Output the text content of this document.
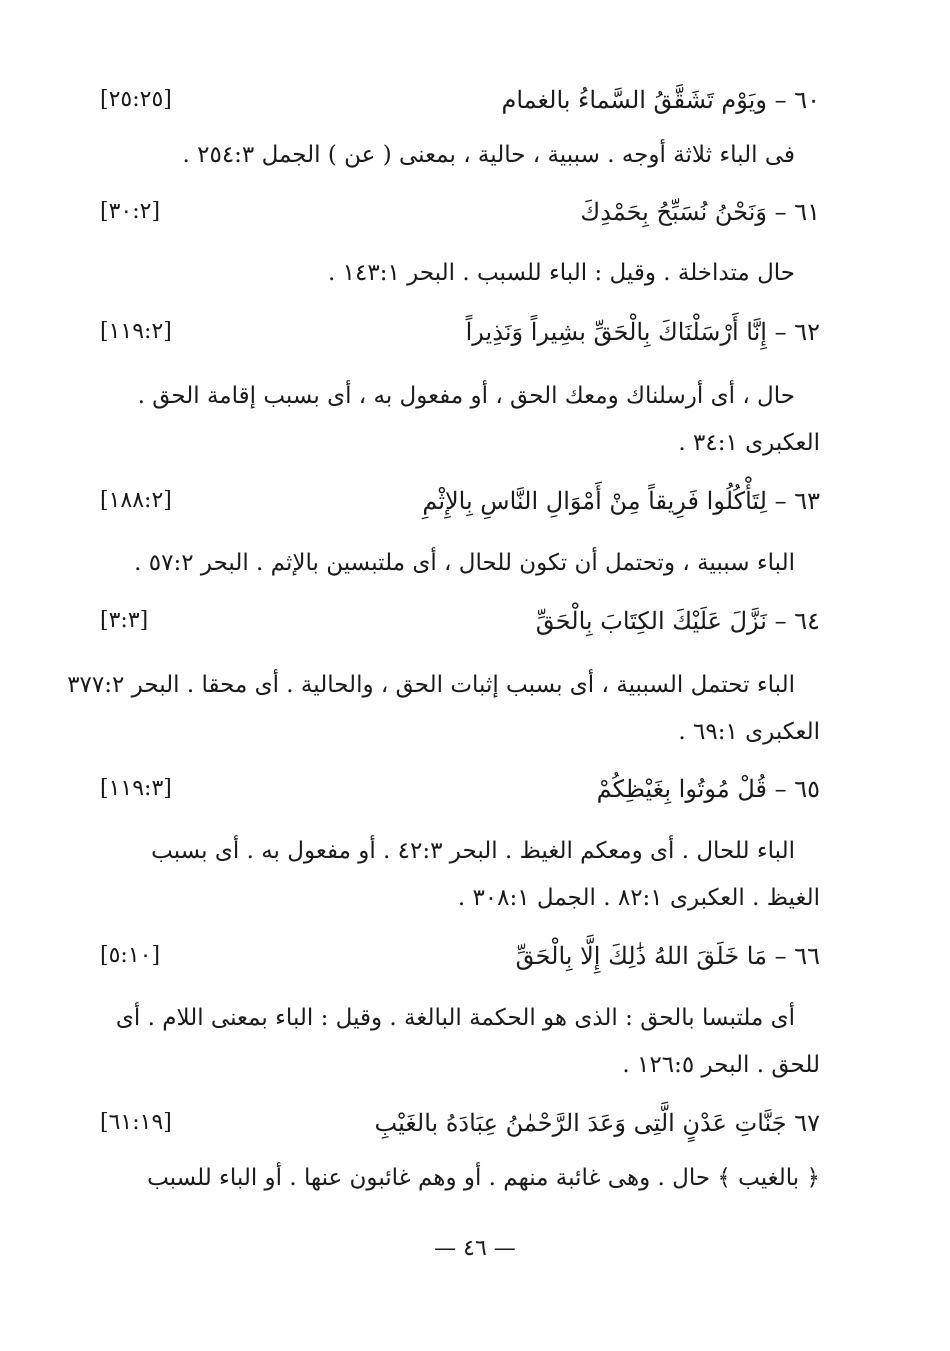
٦٠ – ويَوْم تَشَقَّقُ السَّماءُ بالغمام
[٢٥:٢٥]
فى الباء ثلاثة أوجه . سببية ، حالية ، بمعنى ( عن ) الجمل ٢٥٤:٣ .
٦١ – وَنَحْنُ نُسَبِّحُ بِحَمْدِكَ
[٣٠:٢]
حال متداخلة . وقيل : الباء للسبب . البحر ١٤٣:١ .
٦٢ – إِنَّا أَرْسَلْنَاكَ بِالْحَقِّ بشِيراً وَنَذِيراً
[١١٩:٢]
حال ، أى أرسلناك ومعك الحق ، أو مفعول به ، أى بسبب إقامة الحق .
العكبرى ٣٤:١ .
٦٣ – لِتَأْكُلُوا فَرِيقاً مِنْ أَمْوَالِ النَّاسِ بِالإِثْمِ
[١٨٨:٢]
الباء سببية ، وتحتمل أن تكون للحال ، أى ملتبسين بالإثم . البحر ٥٧:٢ .
٦٤ – نَزَّلَ عَلَيْكَ الكِتَابَ بِالْحَقِّ
[٣:٣]
الباء تحتمل السببية ، أى بسبب إثبات الحق ، والحالية . أى محقا . البحر ٣٧٧:٢
العكبرى ٦٩:١ .
٦٥ – قُلْ مُوتُوا بِغَيْظِكُمْ
[١١٩:٣]
الباء للحال . أى ومعكم الغيظ . البحر ٤٢:٣ . أو مفعول به . أى بسبب
الغيظ . العكبرى ٨٢:١ . الجمل ٣٠٨:١ .
٦٦ – مَا خَلَقَ اللهُ ذَٰلِكَ إِلَّا بِالْحَقِّ
[٥:١٠]
أى ملتبسا بالحق : الذى هو الحكمة البالغة . وقيل : الباء بمعنى اللام . أى
للحق . البحر ١٢٦:٥ .
٦٧ جَنَّاتِ عَدْنٍ الَّتِى وَعَدَ الرَّحْمٰنُ عِبَادَهُ بالغَيْبِ
[٦١:١٩]
﴿ بالغيب ﴾ حال . وهى غائبة منهم . أو وهم غائبون عنها . أو الباء للسبب
— ٤٦ —
